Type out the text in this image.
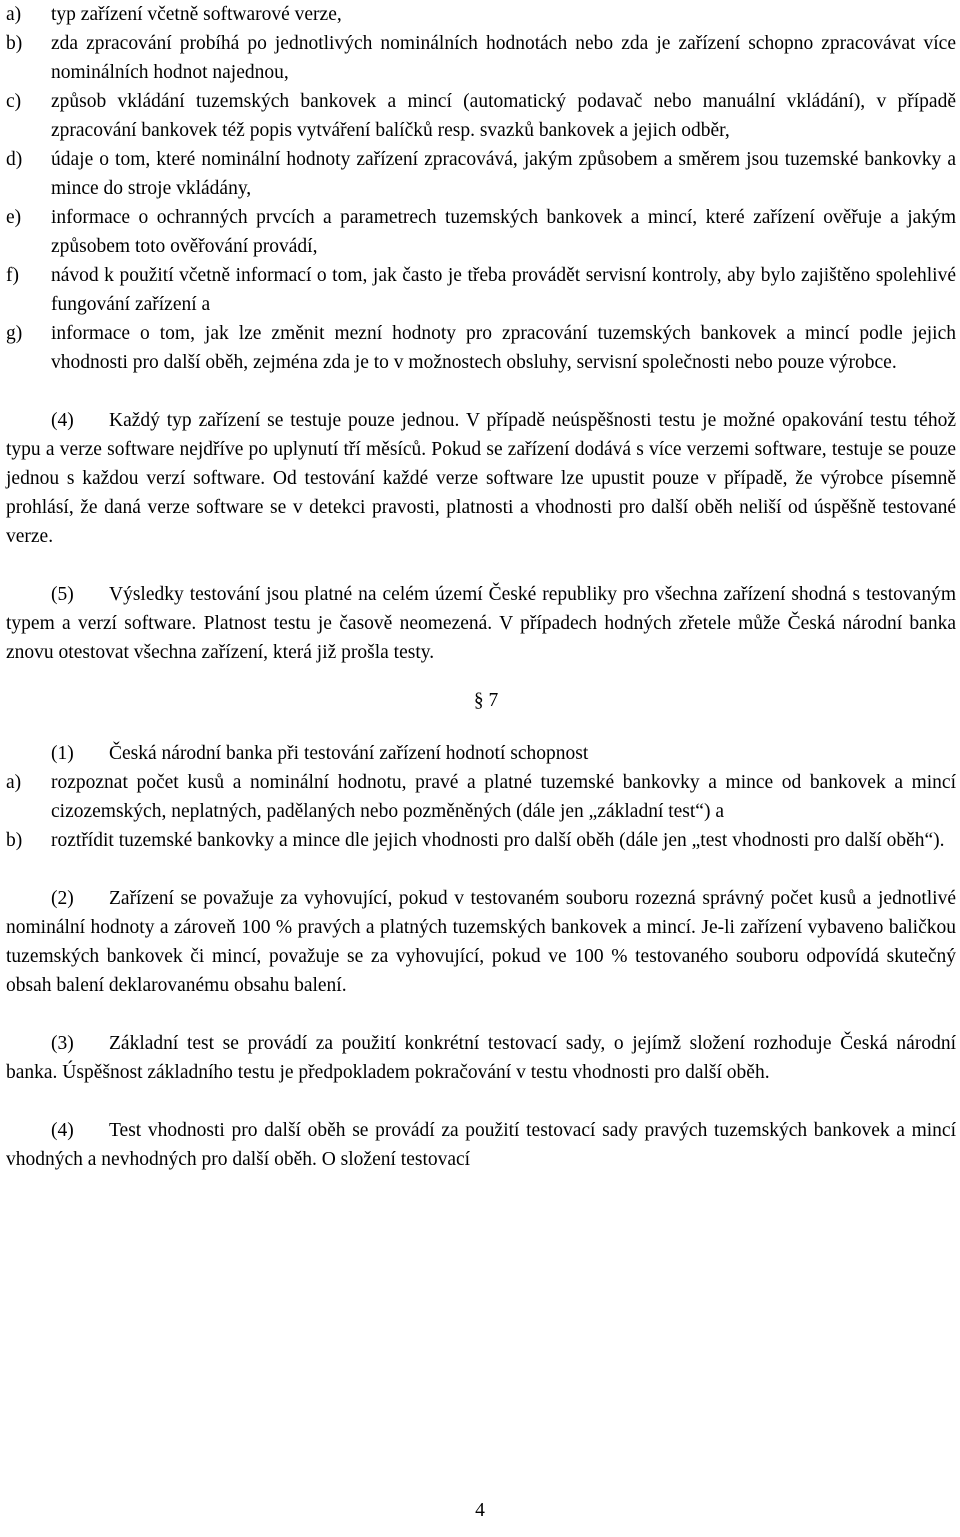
a)	typ zařízení včetně softwarové verze,
b)	zda zpracování probíhá po jednotlivých nominálních hodnotách nebo zda je zařízení schopno zpracovávat více nominálních hodnot najednou,
c)	způsob vkládání tuzemských bankovek a mincí (automatický podavač nebo manuální vkládání), v případě zpracování bankovek též popis vytváření balíčků resp. svazků bankovek a jejich odběr,
d)	údaje o tom, které nominální hodnoty zařízení zpracovává, jakým způsobem a směrem jsou tuzemské bankovky a mince do stroje vkládány,
e)	informace o ochranných prvcích a parametrech tuzemských bankovek a mincí, které zařízení ověřuje a jakým způsobem toto ověřování provádí,
f)	návod k použití včetně informací o tom, jak často je třeba provádět servisní kontroly, aby bylo zajištěno spolehlivé fungování zařízení a
g)	informace o tom, jak lze změnit mezní hodnoty pro zpracování tuzemských bankovek a mincí podle jejich vhodnosti pro další oběh, zejména zda je to v možnostech obsluhy, servisní společnosti nebo pouze výrobce.

(4) Každý typ zařízení se testuje pouze jednou. V případě neúspěšnosti testu je možné opakování testu téhož typu a verze software nejdříve po uplynutí tří měsíců. Pokud se zařízení dodává s více verzemi software, testuje se pouze jednou s každou verzí software. Od testování každé verze software lze upustit pouze v případě, že výrobce písemně prohlásí, že daná verze software se v detekci pravosti, platnosti a vhodnosti pro další oběh neliší od úspěšně testované verze.

(5) Výsledky testování jsou platné na celém území České republiky pro všechna zařízení shodná s testovaným typem a verzí software. Platnost testu je časově neomezená. V případech hodných zřetele může Česká národní banka znovu otestovat všechna zařízení, která již prošla testy.

§ 7

(1) Česká národní banka při testování zařízení hodnotí schopnost

a)	rozpoznat počet kusů a nominální hodnotu, pravé a platné tuzemské bankovky a mince od bankovek a mincí cizozemských, neplatných, padělaných nebo pozměněných (dále jen „základní test“) a
b)	roztřídit tuzemské bankovky a mince dle jejich vhodnosti pro další oběh (dále jen „test vhodnosti pro další oběh“).

(2) Zařízení se považuje za vyhovující, pokud v testovaném souboru rozezná správný počet kusů a jednotlivé nominální hodnoty a zároveň 100 % pravých a platných tuzemských bankovek a mincí. Je-li zařízení vybaveno baličkou tuzemských bankovek či mincí, považuje se za vyhovující, pokud ve 100 % testovaného souboru odpovídá skutečný obsah balení deklarovanému obsahu balení.

(3) Základní test se provádí za použití konkrétní testovací sady, o jejímž složení rozhoduje Česká národní banka. Úspěšnost základního testu je předpokladem pokračování v testu vhodnosti pro další oběh.

(4) Test vhodnosti pro další oběh se provádí za použití testovací sady pravých tuzemských bankovek a mincí vhodných a nevhodných pro další oběh. O složení testovací

4
